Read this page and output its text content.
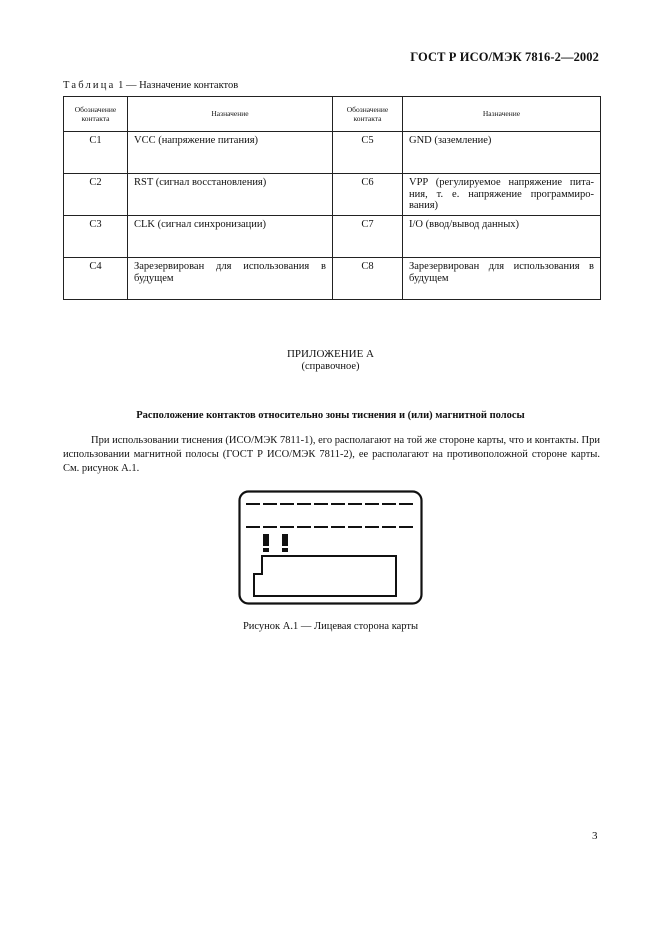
ГОСТ Р ИСО/МЭК 7816-2—2002
Таблица 1 — Назначение контактов
Обозначение контакта	Назначение	Обозначение контакта	Назначение
C1	VCC (напряжение питания)	C5	GND (заземление)
C2	RST (сигнал восстановления)	C6	VPP (регулируемое напряжение пита-ния, т. е. напряжение программиро-вания)
C3	CLK (сигнал синхронизации)	C7	I/O (ввод/вывод данных)
C4	Зарезервирован для использования в будущем	C8	Зарезервирован для использования в будущем
ПРИЛОЖЕНИЕ А
(справочное)
Расположение контактов относительно зоны тиснения и (или) магнитной полосы
При использовании тиснения (ИСО/МЭК 7811-1), его располагают на той же стороне карты, что и контакты. При использовании магнитной полосы (ГОСТ Р ИСО/МЭК 7811-2), ее располагают на противоположной стороне карты. См. рисунок А.1.
Рисунок А.1 — Лицевая сторона карты
3
